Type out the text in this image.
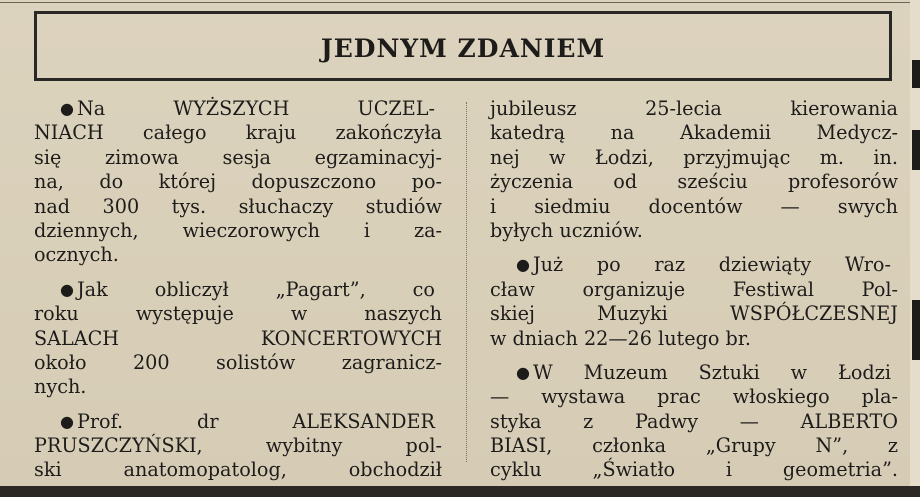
JEDNYM ZDANIEM
● Na WYŻSZYCH UCZEL-
NIACH całego kraju zakończyła
się zimowa sesja egzaminacyj-
na, do której dopuszczono po-
nad 300 tys. słuchaczy studiów
dziennych, wieczorowych i za-
ocznych.
● Jak obliczył „Pagart”, co
roku występuje w naszych
SALACH KONCERTOWYCH
około 200 solistów zagranicz-
nych.
● Prof. dr ALEKSANDER
PRUSZCZYŃSKI, wybitny pol-
ski anatomopatolog, obchodził
jubileusz 25-lecia kierowania
katedrą na Akademii Medycz-
nej w Łodzi, przyjmując m. in.
życzenia od sześciu profesorów
i siedmiu docentów — swych
byłych uczniów.
● Już po raz dziewiąty Wro-
cław organizuje Festiwal Pol-
skiej Muzyki WSPÓŁCZESNEJ
w dniach 22—26 lutego br.
● W Muzeum Sztuki w Łodzi
— wystawa prac włoskiego pla-
styka z Padwy — ALBERTO
BIASI, członka „Grupy N”, z
cyklu „Światło i geometria”.
